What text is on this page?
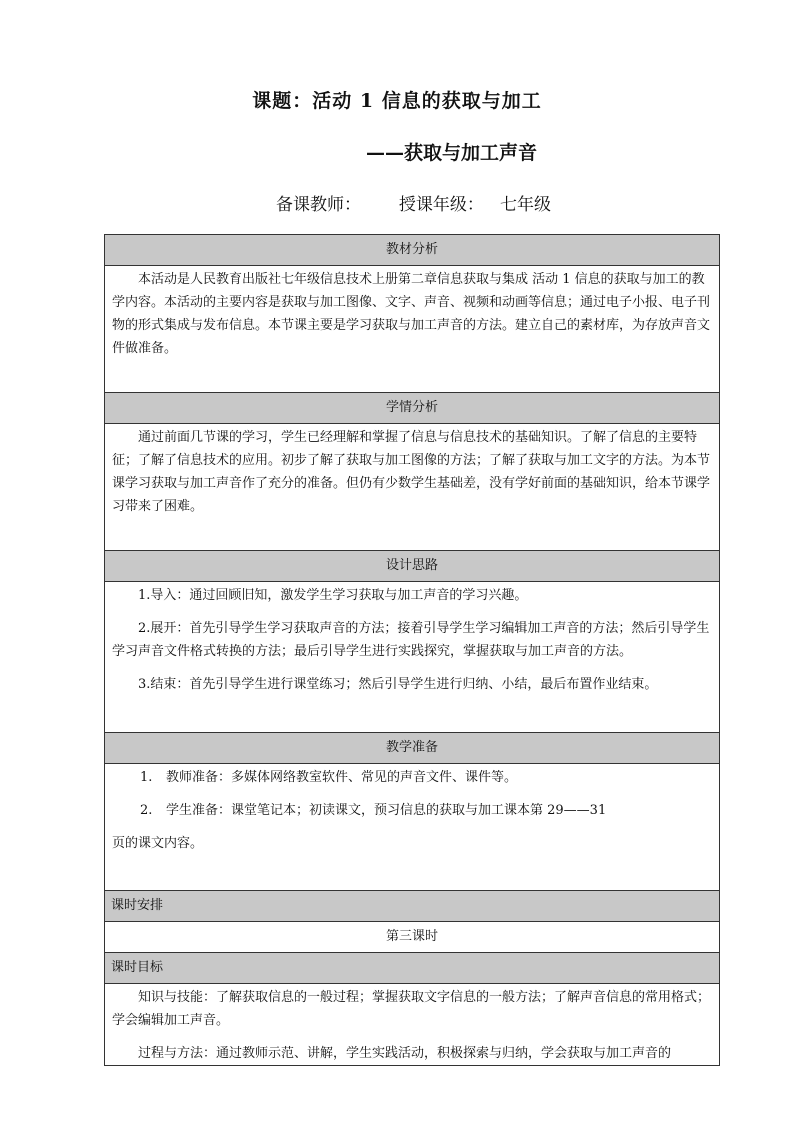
课题：活动 1 信息的获取与加工
——获取与加工声音
备课教师：       授课年级：   七年级
教材分析

本活动是人民教育出版社七年级信息技术上册第二章信息获取与集成 活动 1 信息的获取与加工的教学内容。本活动的主要内容是获取与加工图像、文字、声音、视频和动画等信息；通过电子小报、电子刊物的形式集成与发布信息。本节课主要是学习获取与加工声音的方法。建立自己的素材库，为存放声音文件做准备。

学情分析

通过前面几节课的学习，学生已经理解和掌握了信息与信息技术的基础知识。了解了信息的主要特征；了解了信息技术的应用。初步了解了获取与加工图像的方法；了解了获取与加工文字的方法。为本节课学习获取与加工声音作了充分的准备。但仍有少数学生基础差，没有学好前面的基础知识，给本节课学习带来了困难。

设计思路

1.导入：通过回顾旧知，激发学生学习获取与加工声音的学习兴趣。

2.展开：首先引导学生学习获取声音的方法；接着引导学生学习编辑加工声音的方法；然后引导学生学习声音文件格式转换的方法；最后引导学生进行实践探究，掌握获取与加工声音的方法。

3.结束：首先引导学生进行课堂练习；然后引导学生进行归纳、小结，最后布置作业结束。

教学准备

1. 教师准备：多媒体网络教室软件、常见的声音文件、课件等。

2. 学生准备：课堂笔记本；初读课文，预习信息的获取与加工课本第 29——31

页的课文内容。

课时安排
第三课时
课时目标

知识与技能：了解获取信息的一般过程；掌握获取文字信息的一般方法；了解声音信息的常用格式；学会编辑加工声音。

过程与方法：通过教师示范、讲解，学生实践活动，积极探索与归纳，学会获取与加工声音的
